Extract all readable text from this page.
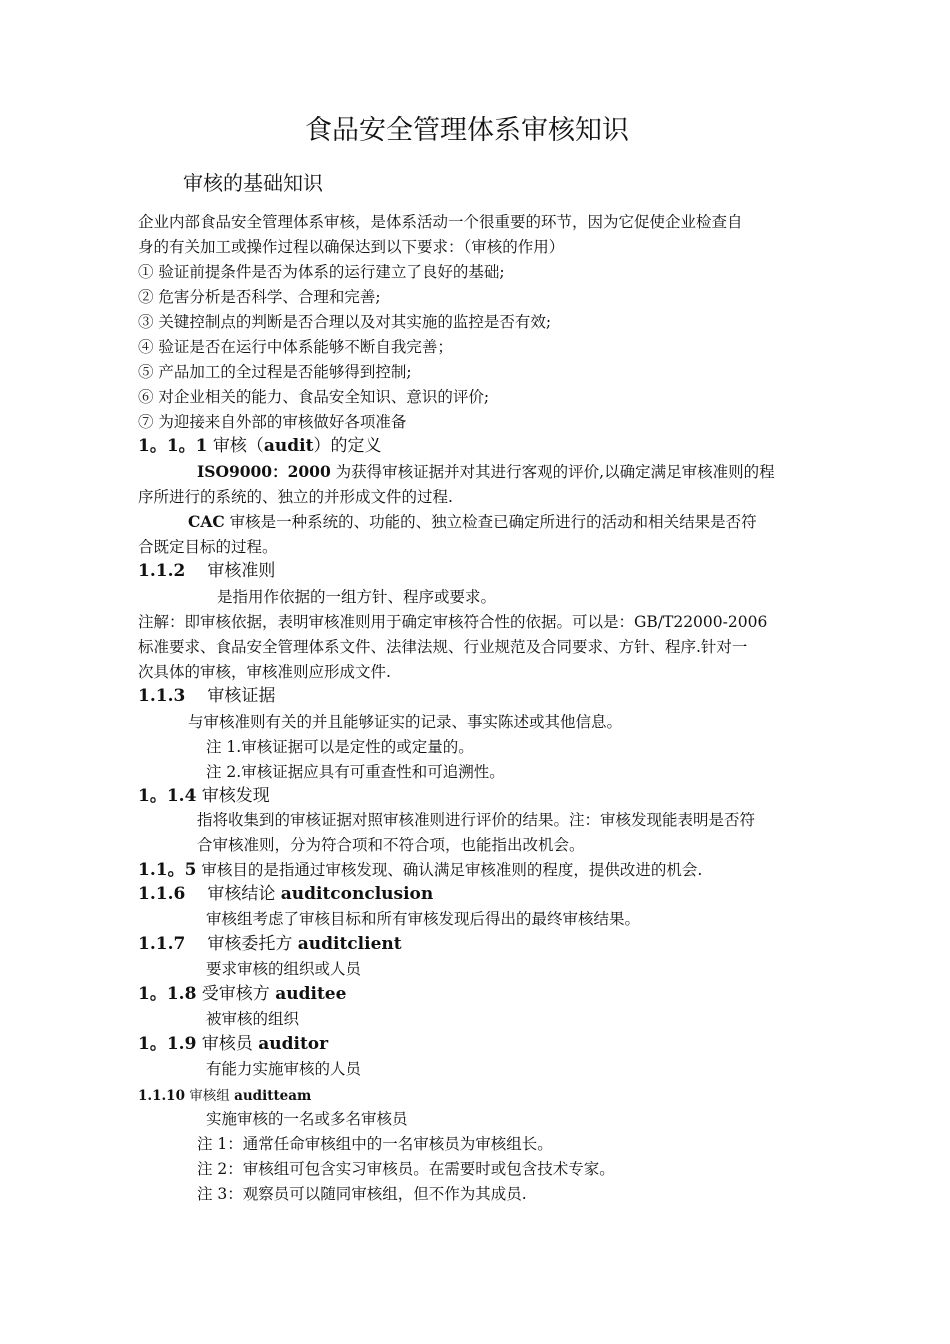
食品安全管理体系审核知识
审核的基础知识
企业内部食品安全管理体系审核，是体系活动一个很重要的环节，因为它促使企业检查自
身的有关加工或操作过程以确保达到以下要求：（审核的作用）
① 验证前提条件是否为体系的运行建立了良好的基础;
② 危害分析是否科学、合理和完善;
③ 关键控制点的判断是否合理以及对其实施的监控是否有效;
④ 验证是否在运行中体系能够不断自我完善；
⑤ 产品加工的全过程是否能够得到控制;
⑥ 对企业相关的能力、食品安全知识、意识的评价;
⑦ 为迎接来自外部的审核做好各项准备
1。1。1 审核（audit）的定义
ISO9000：2000 为获得审核证据并对其进行客观的评价,以确定满足审核准则的程
序所进行的系统的、独立的并形成文件的过程.
CAC 审核是一种系统的、功能的、独立检查已确定所进行的活动和相关结果是否符
合既定目标的过程。
1.1.2 审核准则
是指用作依据的一组方针、程序或要求。
注解：即审核依据，表明审核准则用于确定审核符合性的依据。可以是：GB/T22000-2006
标准要求、食品安全管理体系文件、法律法规、行业规范及合同要求、方针、程序.针对一
次具体的审核，审核准则应形成文件.
1.1.3 审核证据
与审核准则有关的并且能够证实的记录、事实陈述或其他信息。
注 1.审核证据可以是定性的或定量的。
注 2.审核证据应具有可重查性和可追溯性。
1。1.4 审核发现
指将收集到的审核证据对照审核准则进行评价的结果。注：审核发现能表明是否符
合审核准则，分为符合项和不符合项，也能指出改机会。
1.1。5 审核目的是指通过审核发现、确认满足审核准则的程度，提供改进的机会.
1.1.6 审核结论 auditconclusion
审核组考虑了审核目标和所有审核发现后得出的最终审核结果。
1.1.7 审核委托方 auditclient
要求审核的组织或人员
1。1.8 受审核方 auditee
被审核的组织
1。1.9 审核员 auditor
有能力实施审核的人员
1.1.10 审核组 auditteam
实施审核的一名或多名审核员
注 1：通常任命审核组中的一名审核员为审核组长。
注 2：审核组可包含实习审核员。在需要时或包含技术专家。
注 3：观察员可以随同审核组，但不作为其成员.
